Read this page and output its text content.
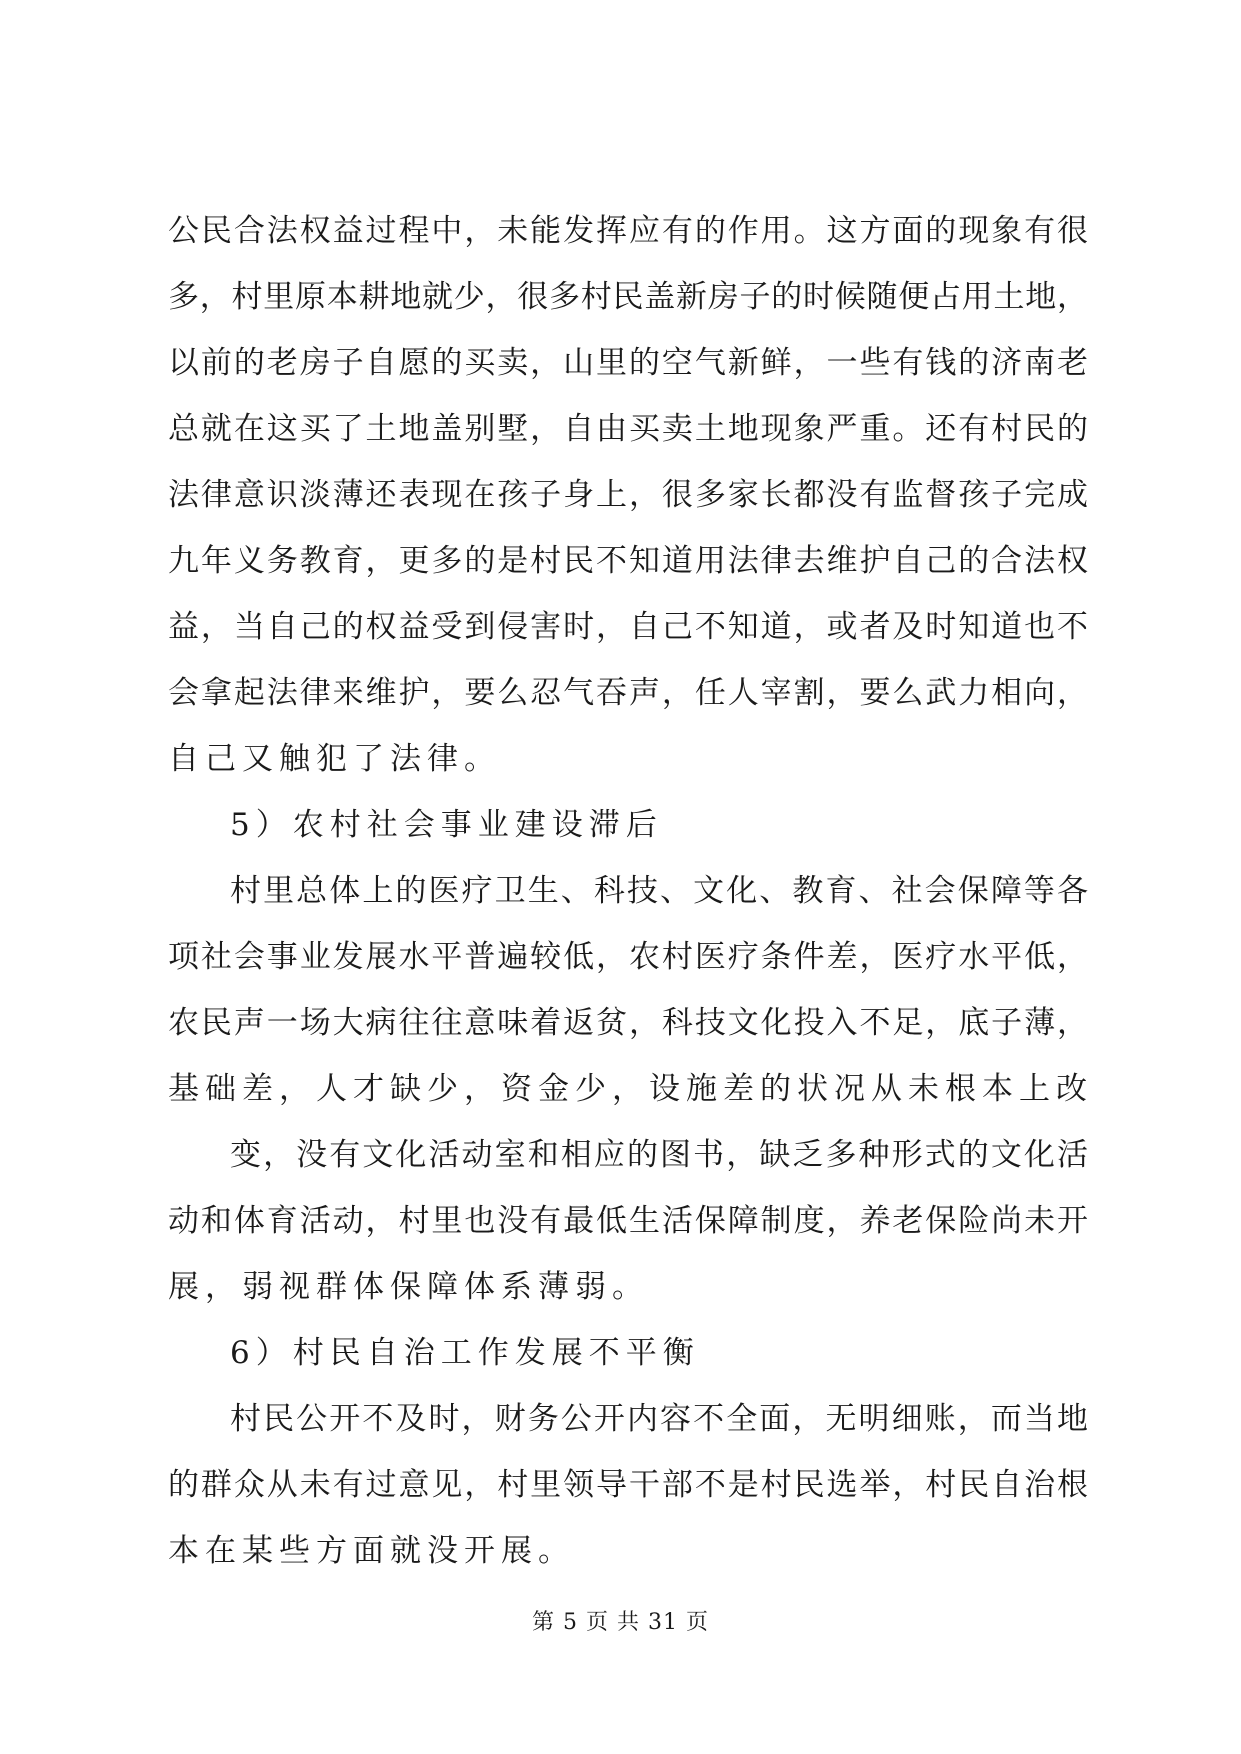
公民合法权益过程中，未能发挥应有的作用。这方面的现象有很
多，村里原本耕地就少，很多村民盖新房子的时候随便占用土地，
以前的老房子自愿的买卖，山里的空气新鲜，一些有钱的济南老
总就在这买了土地盖别墅，自由买卖土地现象严重。还有村民的
法律意识淡薄还表现在孩子身上，很多家长都没有监督孩子完成
九年义务教育，更多的是村民不知道用法律去维护自己的合法权
益，当自己的权益受到侵害时，自己不知道，或者及时知道也不
会拿起法律来维护，要么忍气吞声，任人宰割，要么武力相向，
自己又触犯了法律。
5）农村社会事业建设滞后
村里总体上的医疗卫生、科技、文化、教育、社会保障等各
项社会事业发展水平普遍较低，农村医疗条件差，医疗水平低，
农民声一场大病往往意味着返贫，科技文化投入不足，底子薄，
基础差，人才缺少，资金少，设施差的状况从未根本上改
变，没有文化活动室和相应的图书，缺乏多种形式的文化活
动和体育活动，村里也没有最低生活保障制度，养老保险尚未开
展，弱视群体保障体系薄弱。
6）村民自治工作发展不平衡
村民公开不及时，财务公开内容不全面，无明细账，而当地
的群众从未有过意见，村里领导干部不是村民选举，村民自治根
本在某些方面就没开展。
第 5 页 共 31 页
